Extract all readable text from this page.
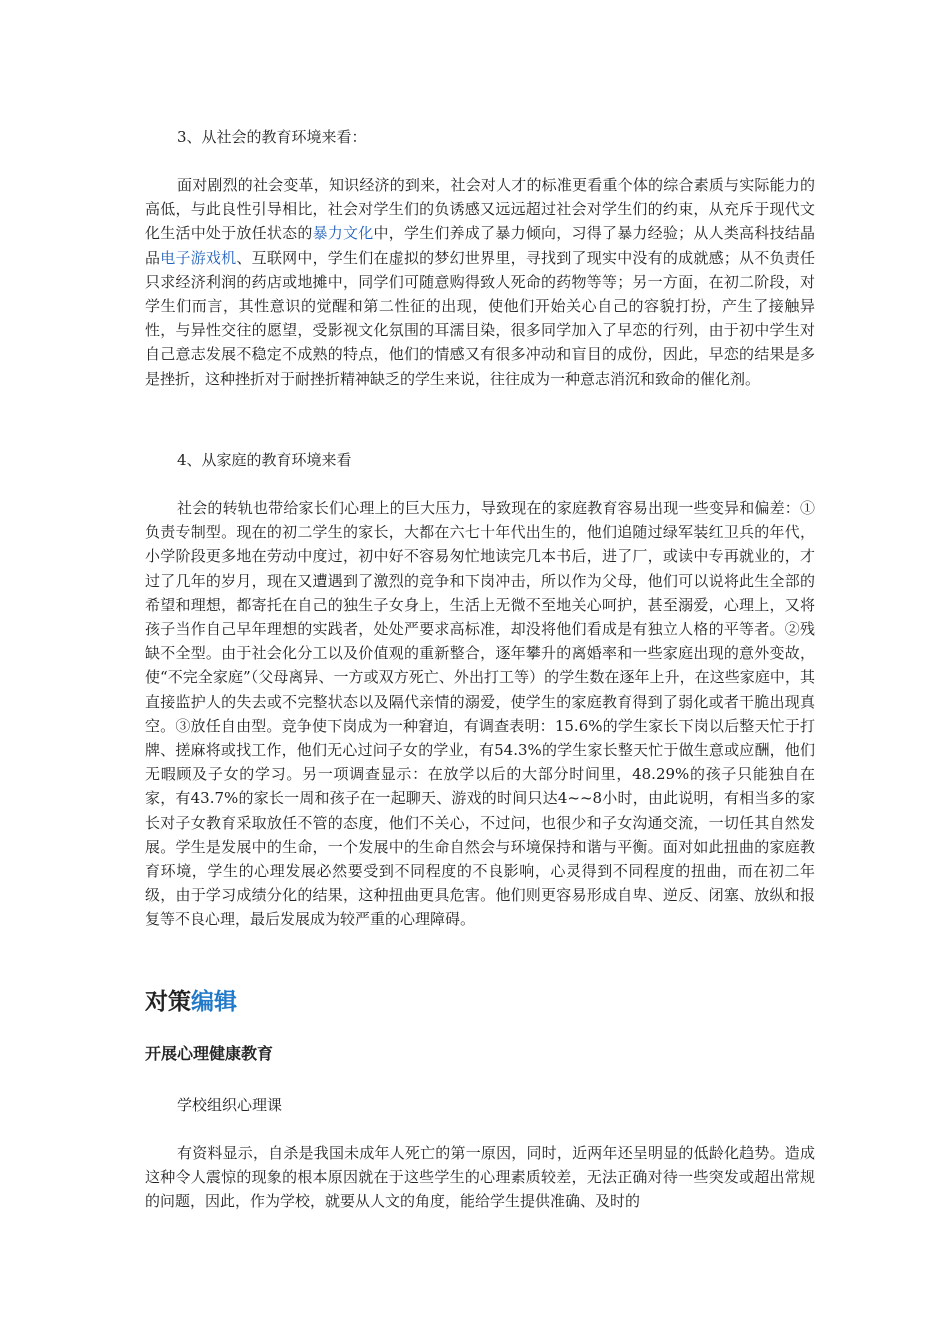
3、从社会的教育环境来看：

面对剧烈的社会变革，知识经济的到来，社会对人才的标准更看重个体的综合素质与实际能力的高低，与此良性引导相比，社会对学生们的负诱感又远远超过社会对学生们的约束，从充斥于现代文化生活中处于放任状态的暴力文化中，学生们养成了暴力倾向，习得了暴力经验；从人类高科技结晶品电子游戏机、互联网中，学生们在虚拟的梦幻世界里，寻找到了现实中没有的成就感；从不负责任只求经济利润的药店或地摊中，同学们可随意购得致人死命的药物等等；另一方面，在初二阶段，对学生们而言，其性意识的觉醒和第二性征的出现，使他们开始关心自己的容貌打扮，产生了接触异性，与异性交往的愿望，受影视文化氛围的耳濡目染，很多同学加入了早恋的行列，由于初中学生对自己意志发展不稳定不成熟的特点，他们的情感又有很多冲动和盲目的成份，因此，早恋的结果是多是挫折，这种挫折对于耐挫折精神缺乏的学生来说，往往成为一种意志消沉和致命的催化剂。

4、从家庭的教育环境来看

社会的转轨也带给家长们心理上的巨大压力，导致现在的家庭教育容易出现一些变异和偏差：①负责专制型。现在的初二学生的家长，大都在六七十年代出生的，他们追随过绿军装红卫兵的年代，小学阶段更多地在劳动中度过，初中好不容易匆忙地读完几本书后，进了厂，或读中专再就业的，才过了几年的岁月，现在又遭遇到了激烈的竞争和下岗冲击，所以作为父母，他们可以说将此生全部的希望和理想，都寄托在自己的独生子女身上，生活上无微不至地关心呵护，甚至溺爱，心理上，又将孩子当作自己早年理想的实践者，处处严要求高标准，却没将他们看成是有独立人格的平等者。②残缺不全型。由于社会化分工以及价值观的重新整合，逐年攀升的离婚率和一些家庭出现的意外变故，使“不完全家庭”（父母离异、一方或双方死亡、外出打工等）的学生数在逐年上升，在这些家庭中，其直接监护人的失去或不完整状态以及隔代亲情的溺爱，使学生的家庭教育得到了弱化或者干脆出现真空。③放任自由型。竞争使下岗成为一种窘迫，有调查表明：15.6%的学生家长下岗以后整天忙于打牌、搓麻将或找工作，他们无心过问子女的学业，有54.3%的学生家长整天忙于做生意或应酬，他们无暇顾及子女的学习。另一项调查显示：在放学以后的大部分时间里，48.29%的孩子只能独自在家，有43.7%的家长一周和孩子在一起聊天、游戏的时间只达4~~8小时，由此说明，有相当多的家长对子女教育采取放任不管的态度，他们不关心，不过问，也很少和子女沟通交流，一切任其自然发展。学生是发展中的生命，一个发展中的生命自然会与环境保持和谐与平衡。面对如此扭曲的家庭教育环境，学生的心理发展必然要受到不同程度的不良影响，心灵得到不同程度的扭曲，而在初二年级，由于学习成绩分化的结果，这种扭曲更具危害。他们则更容易形成自卑、逆反、闭塞、放纵和报复等不良心理，最后发展成为较严重的心理障碍。

对策编辑
开展心理健康教育

学校组织心理课

有资料显示，自杀是我国未成年人死亡的第一原因，同时，近两年还呈明显的低龄化趋势。造成这种令人震惊的现象的根本原因就在于这些学生的心理素质较差，无法正确对待一些突发或超出常规的问题，因此，作为学校，就要从人文的角度，能给学生提供准确、及时的
